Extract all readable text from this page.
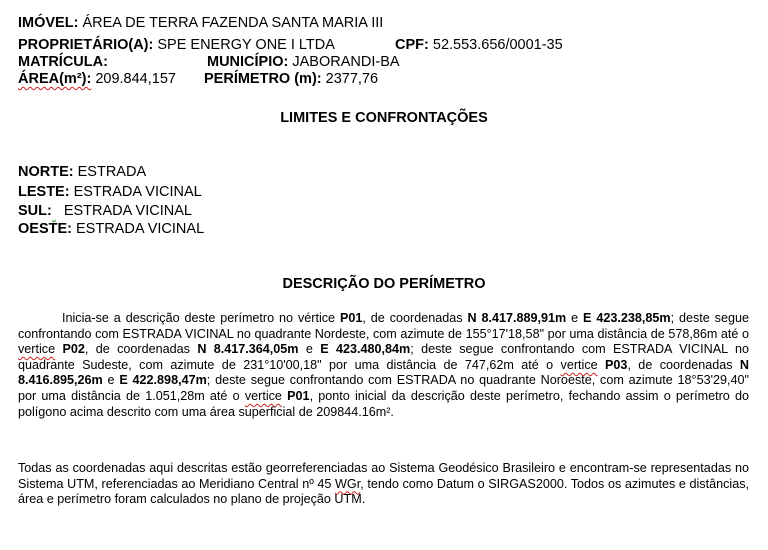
IMÓVEL: ÁREA DE TERRA FAZENDA SANTA MARIA III
PROPRIETÁRIO(A): SPE ENERGY ONE I LTDA	CPF: 52.553.656/0001-35
MATRÍCULA:	MUNICÍPIO: JABORANDI-BA
ÁREA(m²): 209.844,157 PERÍMETRO (m): 2377,76
LIMITES E CONFRONTAÇÕES
NORTE: ESTRADA
LESTE: ESTRADA VICINAL
SUL: ESTRADA VICINAL
OESTE: ESTRADA VICINAL
DESCRIÇÃO DO PERÍMETRO
Inicia-se a descrição deste perímetro no vértice P01, de coordenadas N 8.417.889,91m e E 423.238,85m; deste segue confrontando com ESTRADA VICINAL no quadrante Nordeste, com azimute de 155°17'18,58" por uma distância de 578,86m até o vertice P02, de coordenadas N 8.417.364,05m e E 423.480,84m; deste segue confrontando com ESTRADA VICINAL no quadrante Sudeste, com azimute de 231°10'00,18" por uma distância de 747,62m até o vertice P03, de coordenadas N 8.416.895,26m e E 422.898,47m; deste segue confrontando com ESTRADA no quadrante Noroeste, com azimute 18°53'29,40" por uma distância de 1.051,28m até o vertice P01, ponto inicial da descrição deste perímetro, fechando assim o perímetro do polígono acima descrito com uma área superficial de 209844.16m².
Todas as coordenadas aqui descritas estão georreferenciadas ao Sistema Geodésico Brasileiro e encontram-se representadas no Sistema UTM, referenciadas ao Meridiano Central nº 45 WGr, tendo como Datum o SIRGAS2000. Todos os azimutes e distâncias, área e perímetro foram calculados no plano de projeção UTM.
